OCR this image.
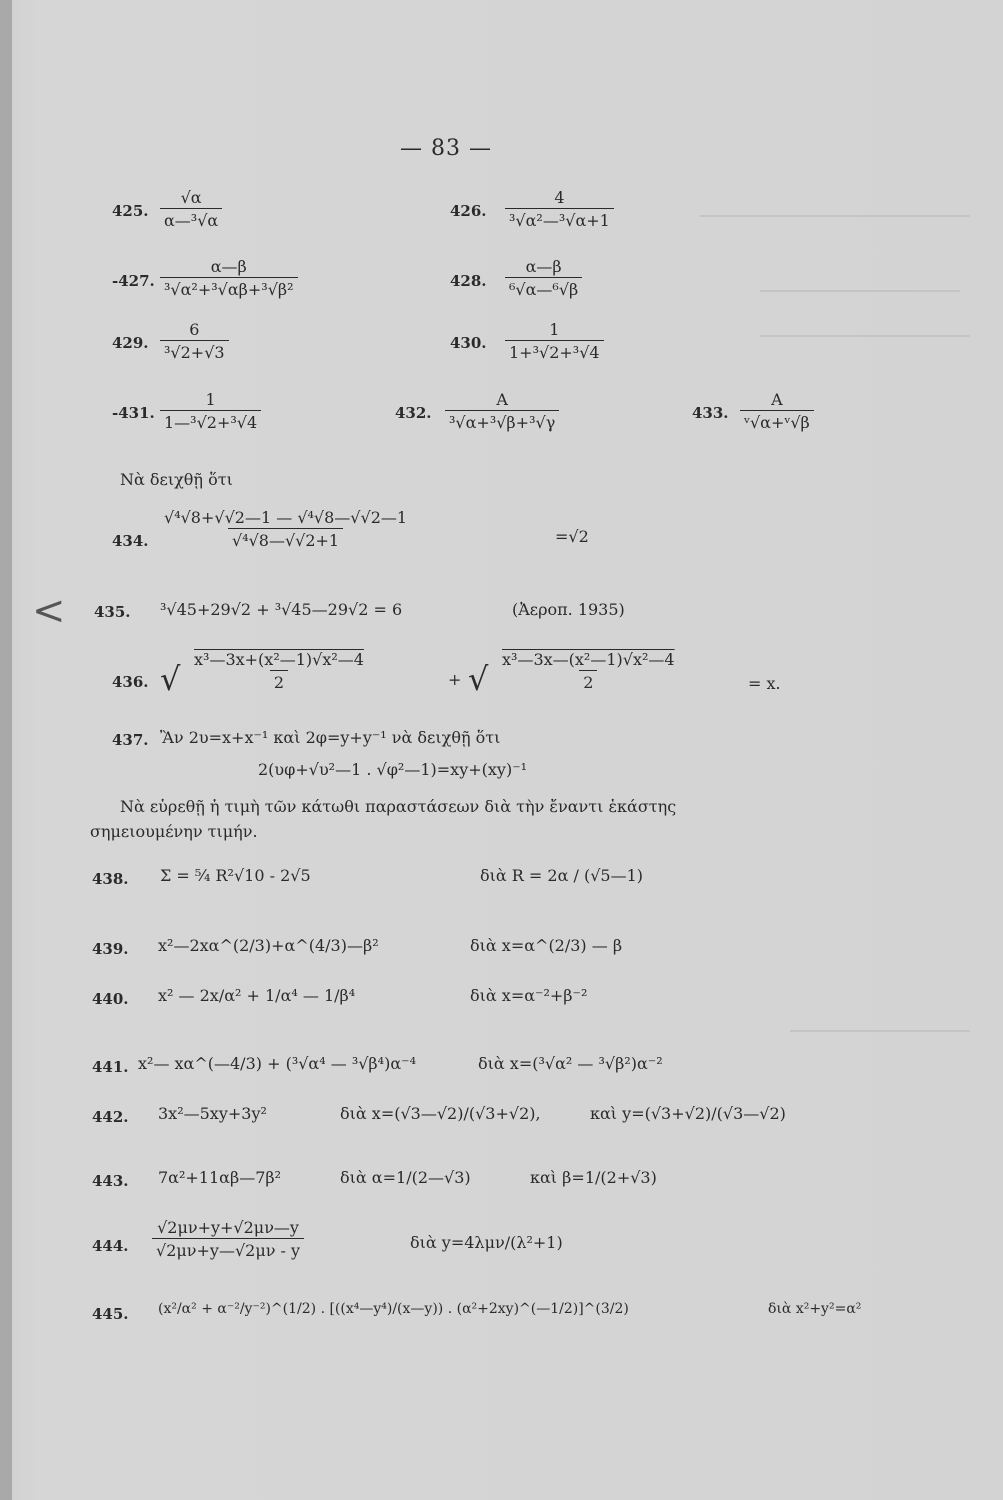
— 83 —
425. $\frac{√\alpha}{\text{α—³√α}}$	426. $\frac{4}{\text{³√α²—³√α+1}}$
-427. $\frac{\alpha—\beta}{\text{³√α²+³√αβ+³√β²}}$	428. $\frac{\alpha—\beta}{\text{⁶√α—⁶√β}}$
429. $\frac{6}{\text{³√2+√3}}$	430. $\frac{1}{\text{1+³√2+³√4}}$
-431. $\frac{1}{\text{1—³√2+³√4}}$	432. $\frac{A}{\text{³√α+³√β+³√γ}}$	433. $\frac{A}{\text{ᵛ√α+ᵛ√β}}$
Νὰ δειχθῇ ὅτι
434. $\frac{\text{√⁴√8+√√2—1 — √⁴√8—√√2—1}}{\text{√⁴√8—√√2+1}}$	=√2
< 435. ³√45+29√2 + ³√45—29√2 = 6	(Ἀεροπ. 1935)
436. √ $\frac{\text{x³—3x+(x²—1)√x²—4}}{2}$	+ √ $\frac{\text{x³—3x—(x²—1)√x²—4}}{2}$	= x.
437. Ἂν 2υ=x+x⁻¹ καὶ 2φ=y+y⁻¹ νὰ δειχθῇ ὅτι
2(υφ+√υ²—1 . √φ²—1)=xy+(xy)⁻¹
Νὰ εὑρεθῇ ἡ τιμὴ τῶν κάτωθι παραστάσεων διὰ τὴν ἔναντι ἑκάστης
σημειουμένην τιμήν.
438. Σ = ⁵⁄₄ R²√10 - 2√5	διὰ R = 2α / (√5—1)
439. x²—2xα^(2/3)+α^(4/3)—β²	διὰ x=α^(2/3) — β
440. x² — 2x/α² + 1/α⁴ — 1/β⁴	διὰ x=α⁻²+β⁻²
441. x²— xα^(—4/3) + (³√α⁴ — ³√β⁴)α⁻⁴	διὰ x=(³√α² — ³√β²)α⁻²
442. 3x²—5xy+3y²	διὰ x=(√3—√2)/(√3+√2),	καὶ y=(√3+√2)/(√3—√2)
443. 7α²+11αβ—7β²	διὰ α=1/(2—√3)	καὶ β=1/(2+√3)
444. $\frac{√2\mu\nu+y+√2\mu\nu—y}{√2\mu\nu+y—√2\mu\nu - y}$	διὰ y=4λμν/(λ²+1)
445. (x²/α² + α⁻²/y⁻²)^(1/2) . [((x⁴—y⁴)/(x—y)) . (α²+2xy)^(—1/2)]^(3/2)	διὰ x²+y²=α²
